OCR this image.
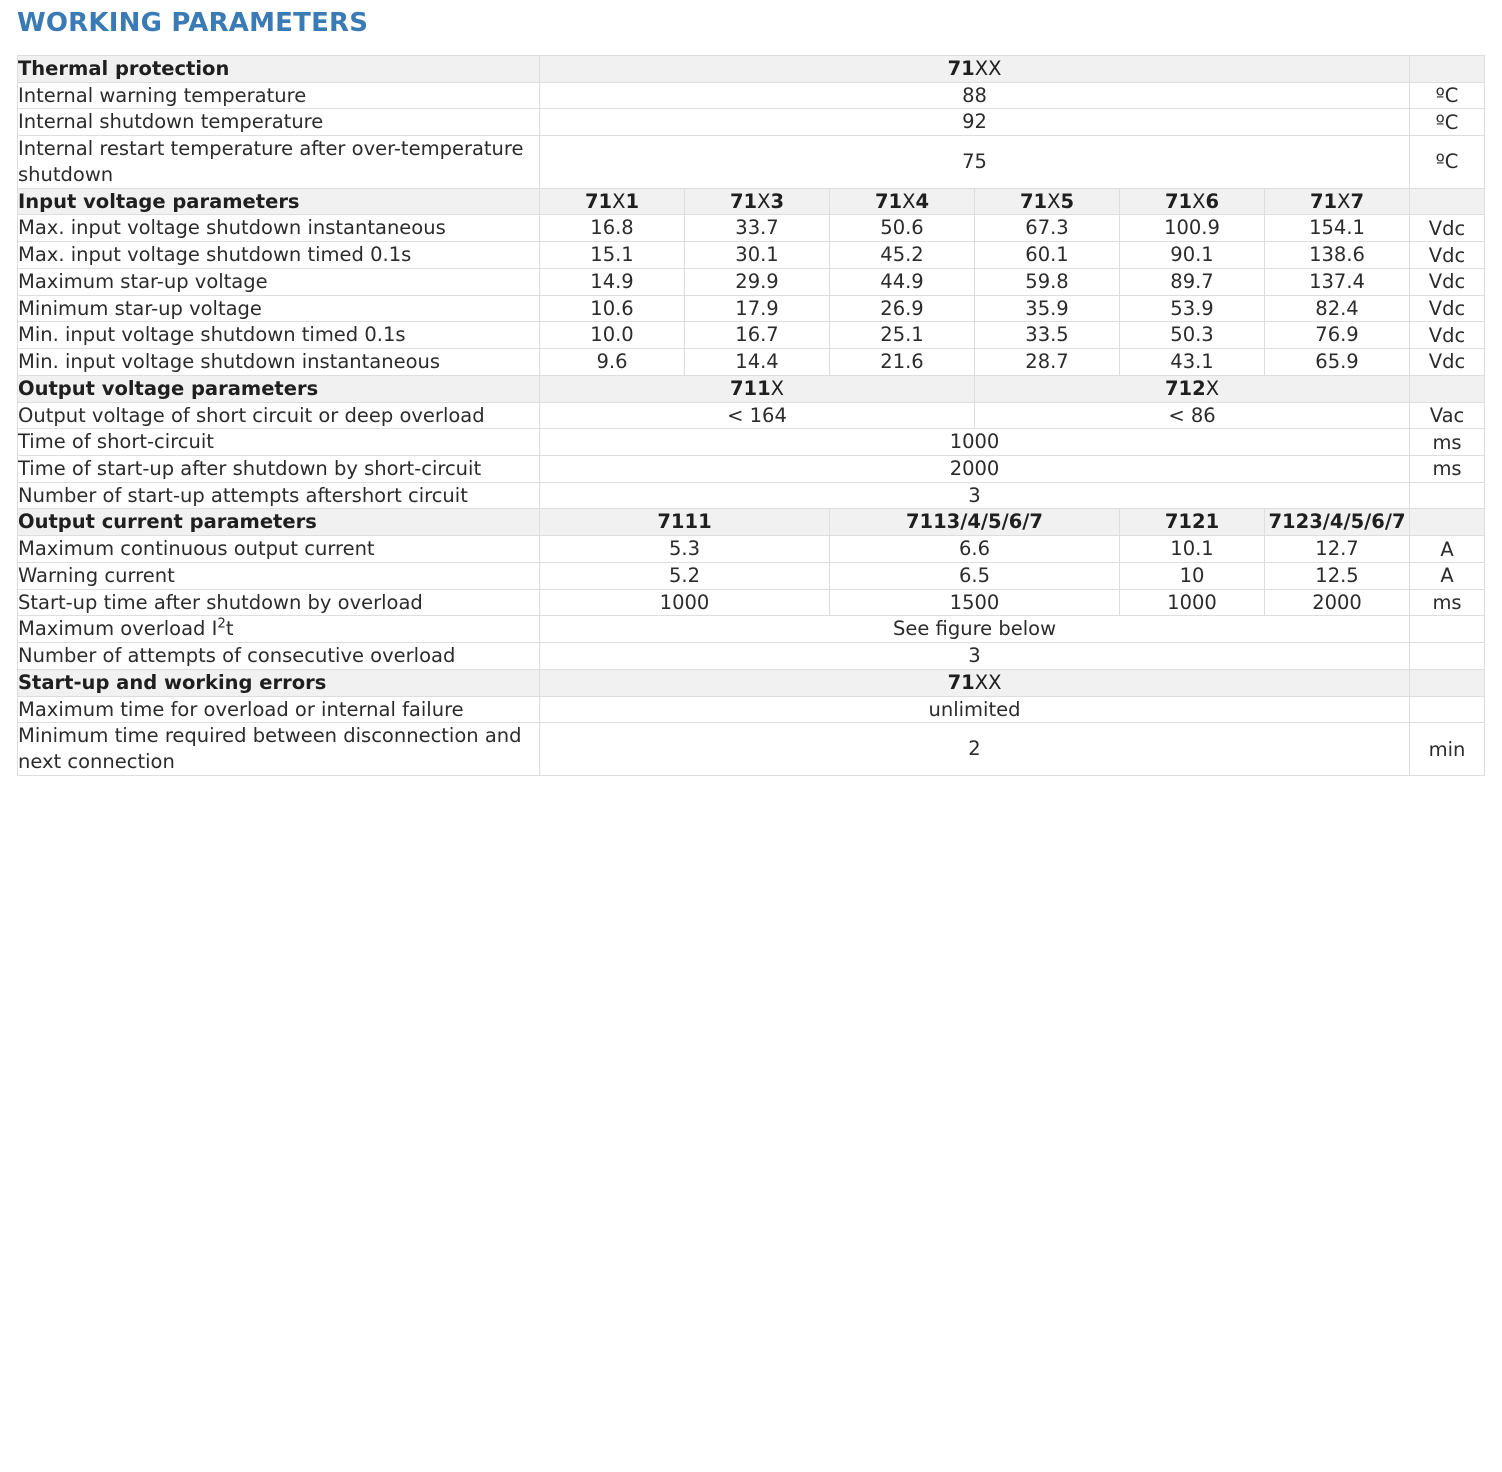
WORKING PARAMETERS
Thermal protection	71XX						
Internal warning temperature	88						ºC
Internal shutdown temperature	92						ºC
Internal restart temperature after over-temperature shutdown	75						ºC
Input voltage parameters	71X1	71X3	71X4	71X5	71X6	71X7	
Max. input voltage shutdown instantaneous	16.8	33.7	50.6	67.3	100.9	154.1	Vdc
Max. input voltage shutdown timed 0.1s	15.1	30.1	45.2	60.1	90.1	138.6	Vdc
Maximum star-up voltage	14.9	29.9	44.9	59.8	89.7	137.4	Vdc
Minimum star-up voltage	10.6	17.9	26.9	35.9	53.9	82.4	Vdc
Min. input voltage shutdown timed 0.1s	10.0	16.7	25.1	33.5	50.3	76.9	Vdc
Min. input voltage shutdown instantaneous	9.6	14.4	21.6	28.7	43.1	65.9	Vdc
Output voltage parameters	711X			712X			
Output voltage of short circuit or deep overload	< 164			< 86			Vac
Time of short-circuit	1000						ms
Time of start-up after shutdown by short-circuit	2000						ms
Number of start-up attempts aftershort circuit	3						
Output current parameters	7111		7113/4/5/6/7		7121	7123/4/5/6/7	
Maximum continuous output current	5.3		6.6		10.1	12.7	A
Warning current	5.2		6.5		10	12.5	A
Start-up time after shutdown by overload	1000		1500		1000	2000	ms
Maximum overload $I^2t$	See figure below						
Number of attempts of consecutive overload	3						
Start-up and working errors	71XX						
Maximum time for overload or internal failure	unlimited						
Minimum time required between disconnection and next connection	2						min
